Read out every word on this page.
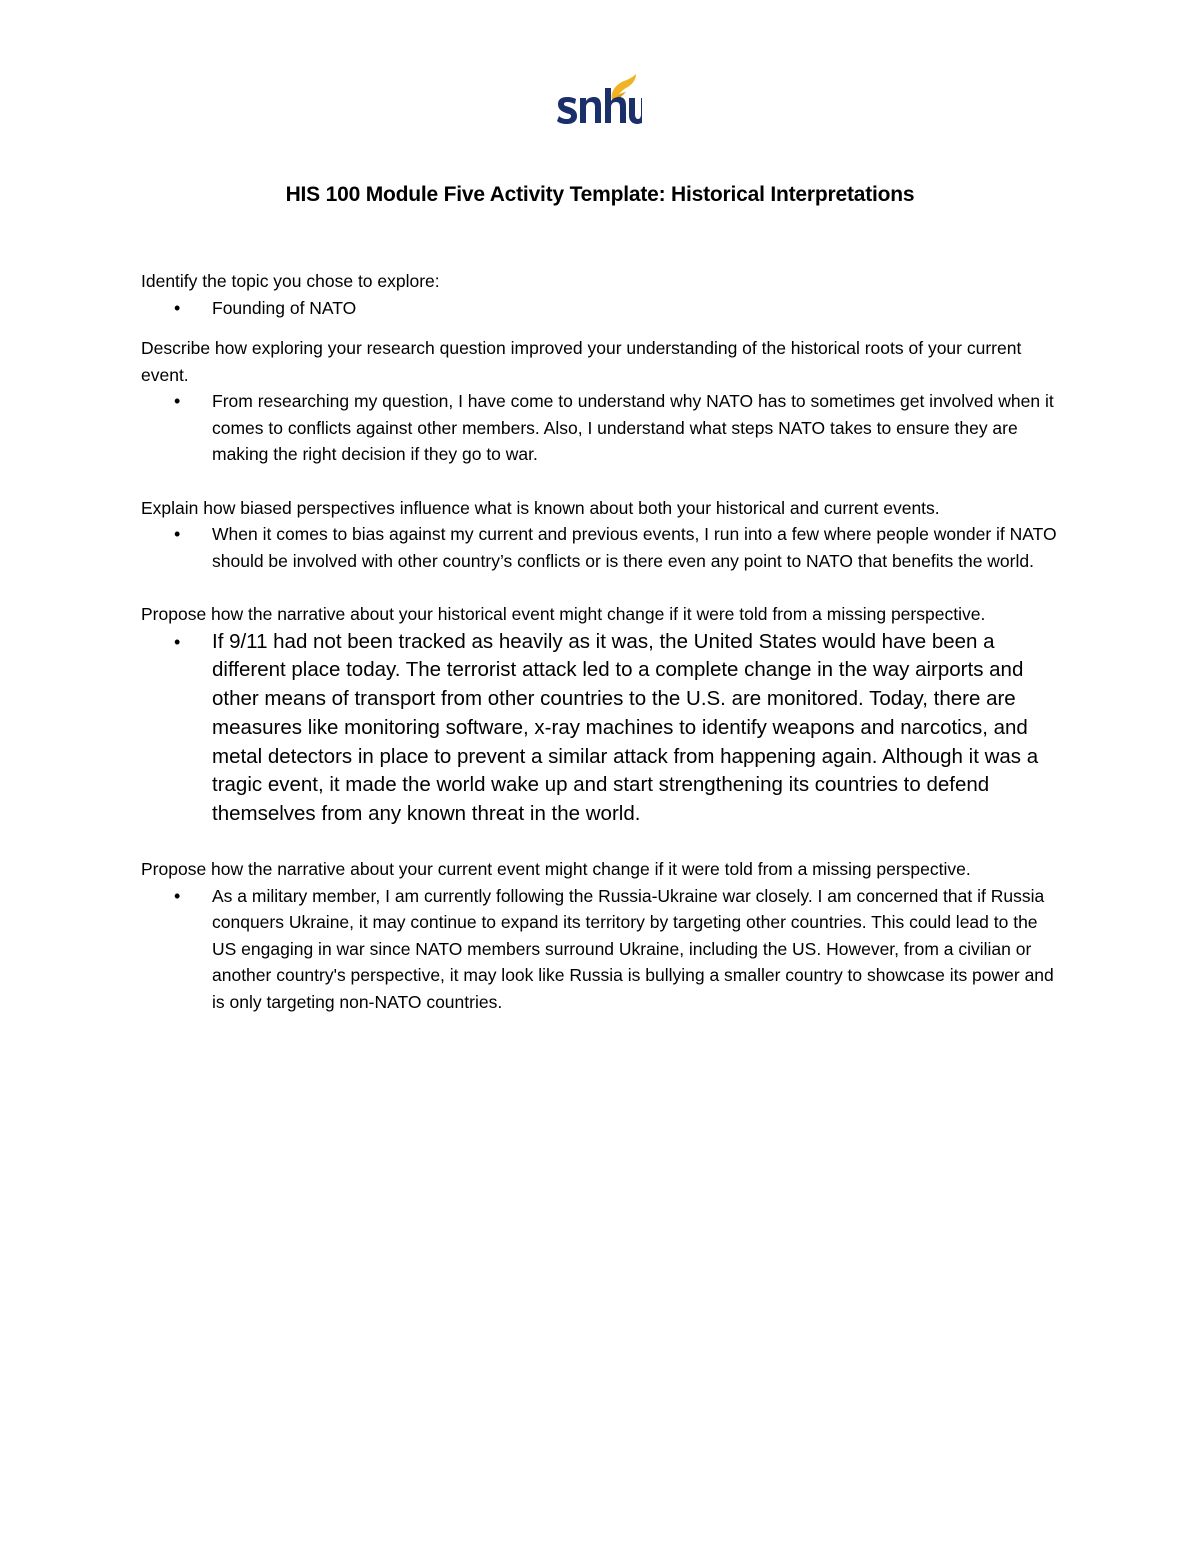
HIS 100 Module Five Activity Template: Historical Interpretations

Identify the topic you chose to explore:

• Founding of NATO

Describe how exploring your research question improved your understanding of the historical roots of your current event.

• From researching my question, I have come to understand why NATO has to sometimes get involved when it comes to conflicts against other members. Also, I understand what steps NATO takes to ensure they are making the right decision if they go to war.

Explain how biased perspectives influence what is known about both your historical and current events.

• When it comes to bias against my current and previous events, I run into a few where people wonder if NATO should be involved with other country’s conflicts or is there even any point to NATO that benefits the world.

Propose how the narrative about your historical event might change if it were told from a missing perspective.

• If 9/11 had not been tracked as heavily as it was, the United States would have been a different place today. The terrorist attack led to a complete change in the way airports and other means of transport from other countries to the U.S. are monitored. Today, there are measures like monitoring software, x-ray machines to identify weapons and narcotics, and metal detectors in place to prevent a similar attack from happening again. Although it was a tragic event, it made the world wake up and start strengthening its countries to defend themselves from any known threat in the world.

Propose how the narrative about your current event might change if it were told from a missing perspective.

• As a military member, I am currently following the Russia-Ukraine war closely. I am concerned that if Russia conquers Ukraine, it may continue to expand its territory by targeting other countries. This could lead to the US engaging in war since NATO members surround Ukraine, including the US. However, from a civilian or another country's perspective, it may look like Russia is bullying a smaller country to showcase its power and is only targeting non-NATO countries.
